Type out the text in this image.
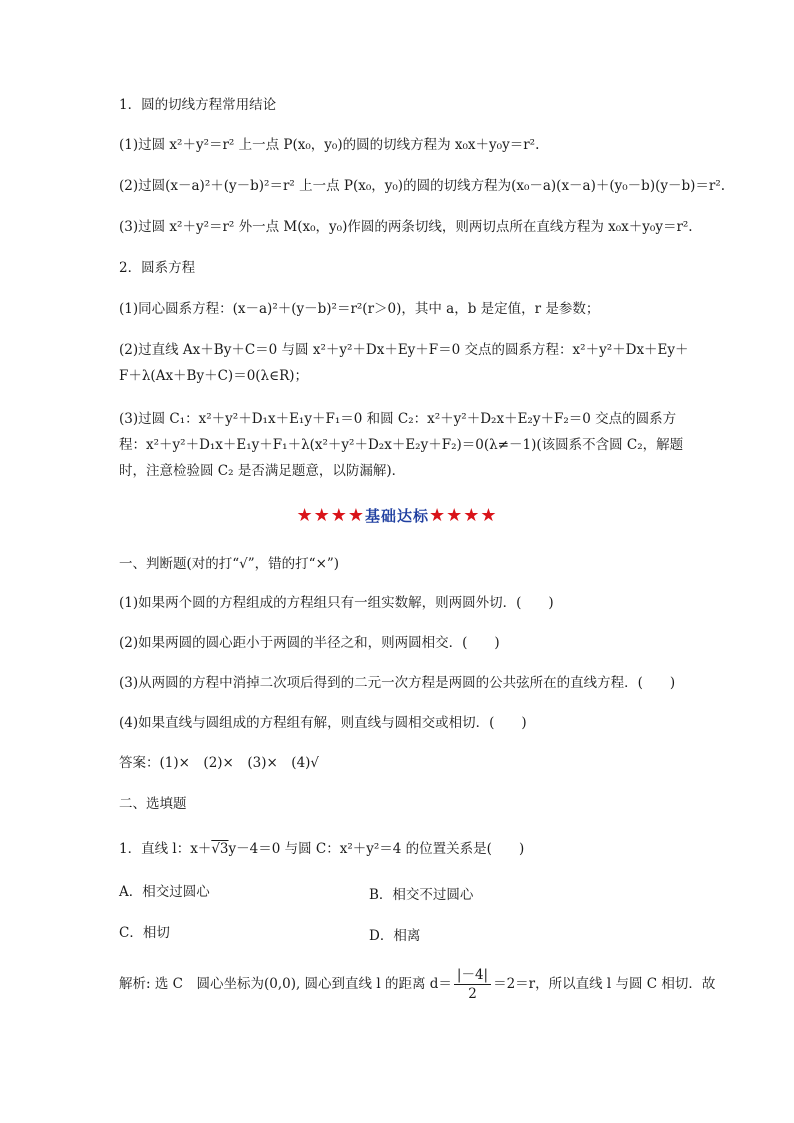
1．圆的切线方程常用结论
(1)过圆 x²＋y²＝r² 上一点 P(x₀，y₀)的圆的切线方程为 x₀x＋y₀y＝r².
(2)过圆(x－a)²＋(y－b)²＝r² 上一点 P(x₀，y₀)的圆的切线方程为(x₀－a)(x－a)＋(y₀－b)(y－b)＝r².
(3)过圆 x²＋y²＝r² 外一点 M(x₀，y₀)作圆的两条切线，则两切点所在直线方程为 x₀x＋y₀y＝r².
2．圆系方程
(1)同心圆系方程：(x－a)²＋(y－b)²＝r²(r＞0)，其中 a，b 是定值，r 是参数；
(2)过直线 Ax＋By＋C＝0 与圆 x²＋y²＋Dx＋Ey＋F＝0 交点的圆系方程：x²＋y²＋Dx＋Ey＋F＋λ(Ax＋By＋C)＝0(λ∈R)；
(3)过圆 C₁：x²＋y²＋D₁x＋E₁y＋F₁＝0 和圆 C₂：x²＋y²＋D₂x＋E₂y＋F₂＝0 交点的圆系方程：x²＋y²＋D₁x＋E₁y＋F₁＋λ(x²＋y²＋D₂x＋E₂y＋F₂)＝0(λ≠－1)(该圆系不含圆 C₂，解题时，注意检验圆 C₂ 是否满足题意，以防漏解)．
★★★★基础达标★★★★
一、判断题(对的打“√”，错的打“×”)
(1)如果两个圆的方程组成的方程组只有一组实数解，则两圆外切．(　　)
(2)如果两圆的圆心距小于两圆的半径之和，则两圆相交．(　　)
(3)从两圆的方程中消掉二次项后得到的二元一次方程是两圆的公共弦所在的直线方程．(　　)
(4)如果直线与圆组成的方程组有解，则直线与圆相交或相切．(　　)
答案：(1)×　(2)×　(3)×　(4)√
二、选填题
1．直线 l：x＋√3y－4＝0 与圆 C：x²＋y²＝4 的位置关系是(　　)
A．相交过圆心	B．相交不过圆心
C．相切	D．相离
解析: 选 C　圆心坐标为(0,0), 圆心到直线 l 的距离 $d= \frac{|-4|}{2} =2=r$，所以直线 l 与圆 C 相切．故
